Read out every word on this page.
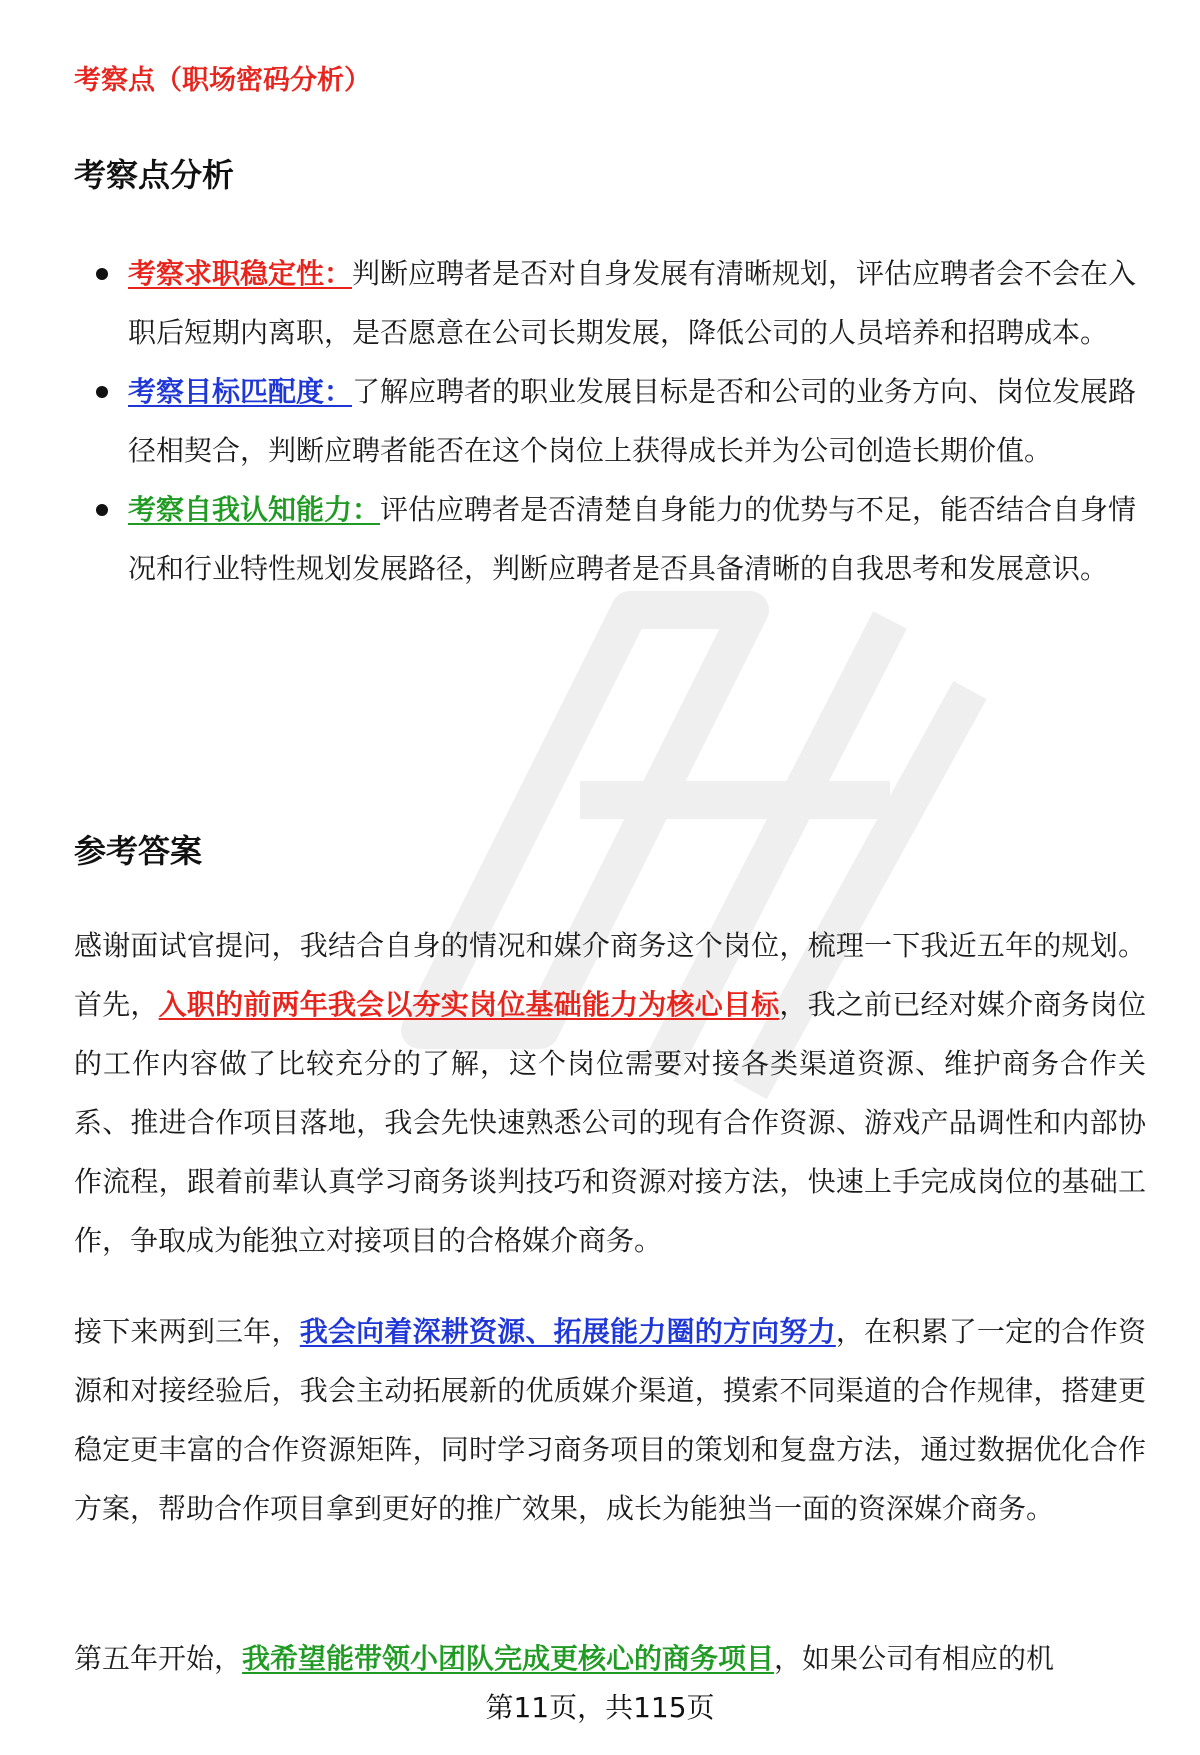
考察点（职场密码分析）
考察点分析
考察求职稳定性：判断应聘者是否对自身发展有清晰规划，评估应聘者会不会在入职后短期内离职，是否愿意在公司长期发展，降低公司的人员培养和招聘成本。
考察目标匹配度：了解应聘者的职业发展目标是否和公司的业务方向、岗位发展路径相契合，判断应聘者能否在这个岗位上获得成长并为公司创造长期价值。
考察自我认知能力：评估应聘者是否清楚自身能力的优势与不足，能否结合自身情况和行业特性规划发展路径，判断应聘者是否具备清晰的自我思考和发展意识。
参考答案

感谢面试官提问，我结合自身的情况和媒介商务这个岗位，梳理一下我近五年的规划。首先，入职的前两年我会以夯实岗位基础能力为核心目标，我之前已经对媒介商务岗位的工作内容做了比较充分的了解，这个岗位需要对接各类渠道资源、维护商务合作关系、推进合作项目落地，我会先快速熟悉公司的现有合作资源、游戏产品调性和内部协作流程，跟着前辈认真学习商务谈判技巧和资源对接方法，快速上手完成岗位的基础工作，争取成为能独立对接项目的合格媒介商务。

接下来两到三年，我会向着深耕资源、拓展能力圈的方向努力，在积累了一定的合作资源和对接经验后，我会主动拓展新的优质媒介渠道，摸索不同渠道的合作规律，搭建更稳定更丰富的合作资源矩阵，同时学习商务项目的策划和复盘方法，通过数据优化合作方案，帮助合作项目拿到更好的推广效果，成长为能独当一面的资深媒介商务。

第五年开始，我希望能带领小团队完成更核心的商务项目，如果公司有相应的机

第11页，共115页
